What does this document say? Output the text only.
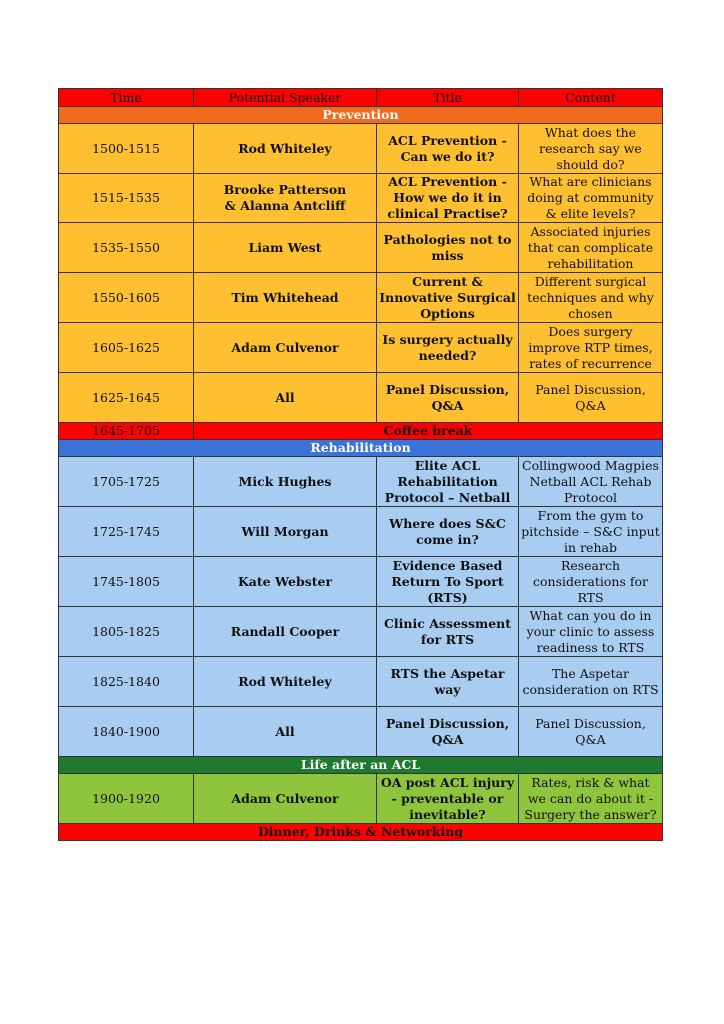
Time	Potential Speaker	Title	Content
Prevention			
1500-1515	Rod Whiteley	ACL Prevention - Can we do it?	What does the research say we should do?
1515-1535	Brooke Patterson & Alanna Antcliff	ACL Prevention - How we do it in clinical Practise?	What are clinicians doing at community & elite levels?
1535-1550	Liam West	Pathologies not to miss	Associated injuries that can complicate rehabilitation
1550-1605	Tim Whitehead	Current & Innovative Surgical Options	Different surgical techniques and why chosen
1605-1625	Adam Culvenor	Is surgery actually needed?	Does surgery improve RTP times, rates of recurrence
1625-1645	All	Panel Discussion, Q&A	Panel Discussion, Q&A
1645-1705	Coffee break		
Rehabilitation			
1705-1725	Mick Hughes	Elite ACL Rehabilitation Protocol – Netball	Collingwood Magpies Netball ACL Rehab Protocol
1725-1745	Will Morgan	Where does S&C come in?	From the gym to pitchside – S&C input in rehab
1745-1805	Kate Webster	Evidence Based Return To Sport (RTS)	Research considerations for RTS
1805-1825	Randall Cooper	Clinic Assessment for RTS	What can you do in your clinic to assess readiness to RTS
1825-1840	Rod Whiteley	RTS the Aspetar way	The Aspetar consideration on RTS
1840-1900	All	Panel Discussion, Q&A	Panel Discussion, Q&A
Life after an ACL			
1900-1920	Adam Culvenor	OA post ACL injury - preventable or inevitable?	Rates, risk & what we can do about it - Surgery the answer?
Dinner, Drinks & Networking			
